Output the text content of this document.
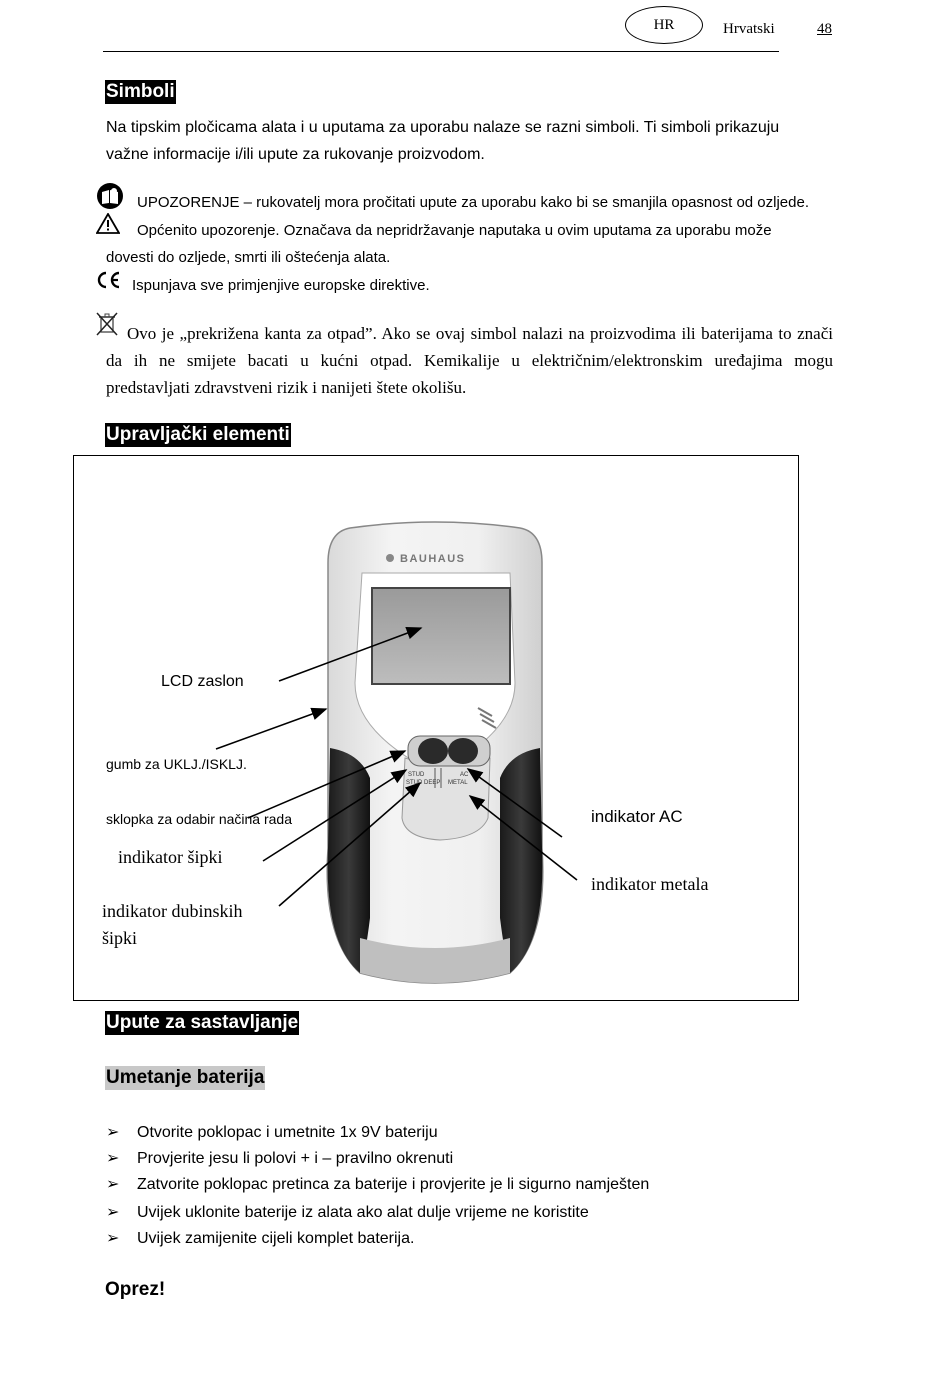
HR	Hrvatski	48
Simboli
Na tipskim pločicama alata i u uputama za uporabu nalaze se razni simboli. Ti simboli prikazuju
važne informacije i/ili upute za rukovanje proizvodom.
UPOZORENJE – rukovatelj mora pročitati upute za uporabu kako bi se smanjila opasnost od ozljede.
Općenito upozorenje. Označava da nepridržavanje naputaka u ovim uputama za uporabu može
dovesti do ozljede, smrti ili oštećenja alata.
Ispunjava sve primjenjive europske direktive.
Ovo je „prekrižena kanta za otpad”. Ako se ovaj simbol nalazi na proizvodima ili baterijama to znači
da ih ne smijete bacati u kućni otpad. Kemikalije u električnim/elektronskim uređajima mogu
predstavljati zdravstveni rizik i nanijeti štete okolišu.
Upravljački elementi
BAUHAUS
STUD
STUD DEEP
AC
METAL
LCD zaslon
gumb za UKLJ./ISKLJ.
sklopka za odabir načina rada
indikator šipki
indikator dubinskih
šipki
indikator AC
indikator metala
Upute za sastavljanje
Umetanje baterija
➢ Otvorite poklopac i umetnite 1x 9V bateriju
➢ Provjerite jesu li polovi + i – pravilno okrenuti
➢ Zatvorite poklopac pretinca za baterije i provjerite je li sigurno namješten
➢ Uvijek uklonite baterije iz alata ako alat dulje vrijeme ne koristite
➢ Uvijek zamijenite cijeli komplet baterija.
Oprez!
